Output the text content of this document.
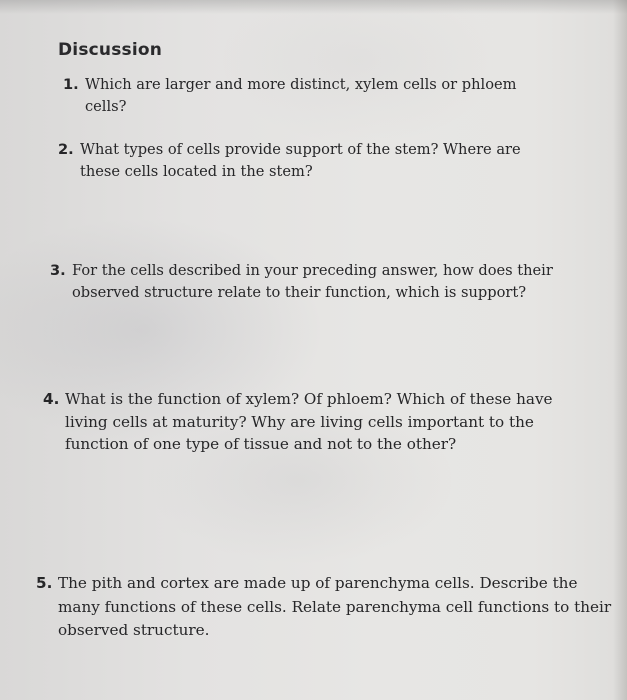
Discussion
1. Which are larger and more distinct, xylem cells or phloem cells?
2. What types of cells provide support of the stem? Where are these cells located in the stem?
3. For the cells described in your preceding answer, how does their observed structure relate to their function, which is support?
4. What is the function of xylem? Of phloem? Which of these have living cells at maturity? Why are living cells important to the function of one type of tissue and not to the other?
5. The pith and cortex are made up of parenchyma cells. Describe the many functions of these cells. Relate parenchyma cell functions to their observed structure.
